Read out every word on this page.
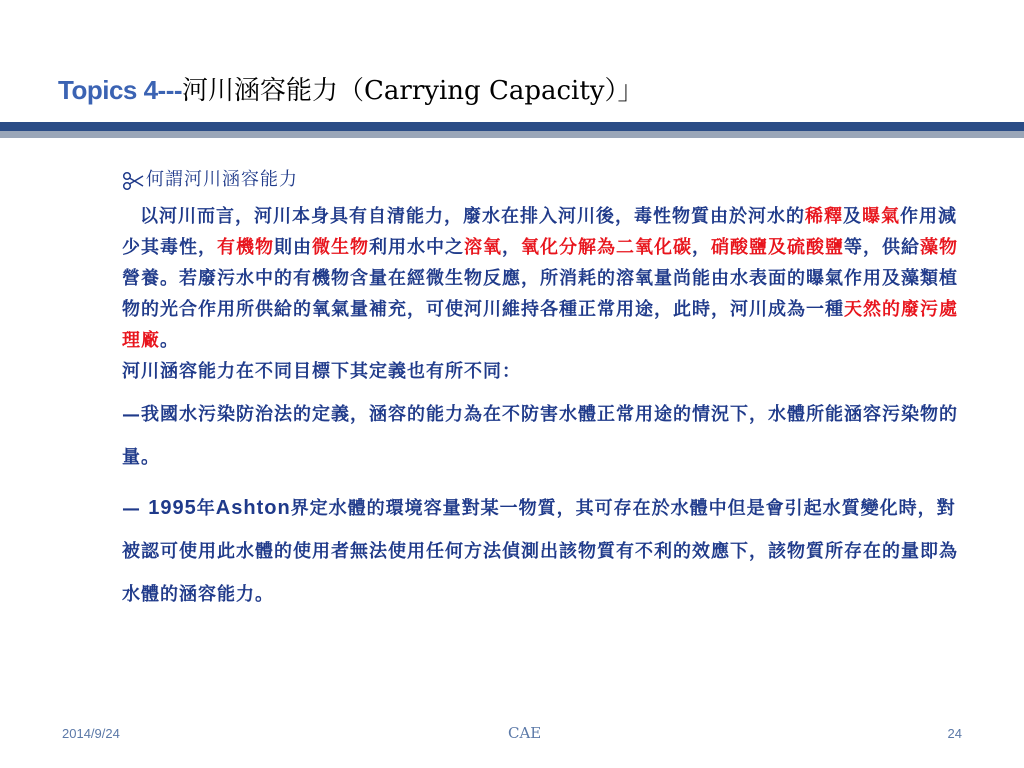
Topics 4---河川涵容能力（Carrying Capacity）」
何謂河川涵容能力
以河川而言，河川本身具有自清能力，廢水在排入河川後，毒性物質由於河水的稀釋及曝氣作用減少其毒性，有機物則由微生物利用水中之溶氧，氧化分解為二氧化碳，硝酸鹽及硫酸鹽等，供給藻物營養。若廢污水中的有機物含量在經微生物反應，所消耗的溶氧量尚能由水表面的曝氣作用及藻類植物的光合作用所供給的氧氣量補充，可使河川維持各種正常用途，此時，河川成為一種天然的廢污處理廠。
河川涵容能力在不同目標下其定義也有所不同：
—我國水污染防治法的定義，涵容的能力為在不防害水體正常用途的情況下，水體所能涵容污染物的量。
— 1995年Ashton界定水體的環境容量對某一物質，其可存在於水體中但是會引起水質變化時，對被認可使用此水體的使用者無法使用任何方法偵測出該物質有不利的效應下，該物質所存在的量即為水體的涵容能力。
2014/9/24	CAE	24
